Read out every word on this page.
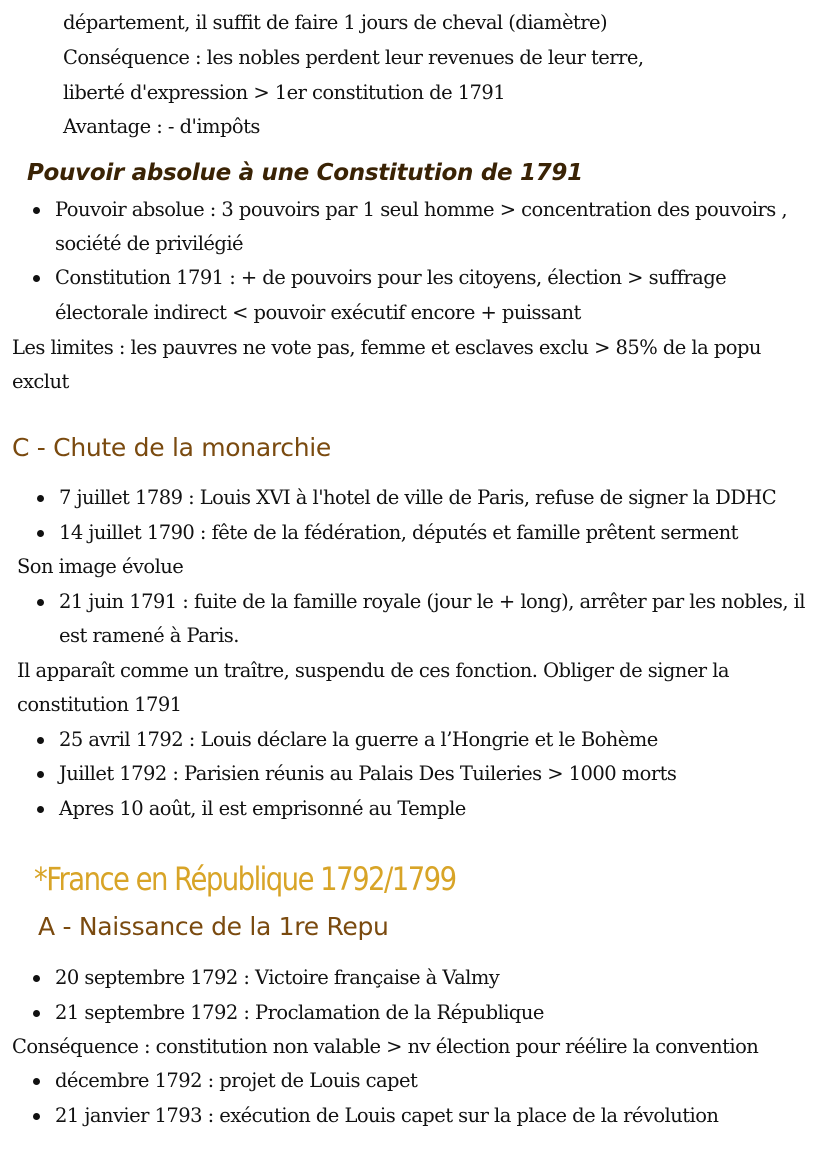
département, il suffit de faire 1 jours de cheval (diamètre)
Conséquence : les nobles perdent leur revenues de leur terre,
liberté d'expression > 1er constitution de 1791
Avantage : - d'impôts
Pouvoir absolue à une Constitution de 1791
Pouvoir absolue : 3 pouvoirs par 1 seul homme > concentration des pouvoirs ,
société de privilégié
Constitution 1791 : + de pouvoirs pour les citoyens, élection > suffrage
électorale indirect < pouvoir exécutif encore + puissant
Les limites : les pauvres ne vote pas, femme et esclaves exclu > 85% de la popu
exclut
C - Chute de la monarchie
7 juillet 1789 : Louis XVI à l'hotel de ville de Paris, refuse de signer la DDHC
14 juillet 1790 : fête de la fédération, députés et famille prêtent serment
Son image évolue
21 juin 1791 : fuite de la famille royale (jour le + long), arrêter par les nobles, il
est ramené à Paris.
Il apparaît comme un traître, suspendu de ces fonction. Obliger de signer la
constitution 1791
25 avril 1792 : Louis déclare la guerre a l’Hongrie et le Bohème
Juillet 1792 : Parisien réunis au Palais Des Tuileries > 1000 morts
Apres 10 août, il est emprisonné au Temple
*France en République 1792/1799
A - Naissance de la 1re Repu
20 septembre 1792 : Victoire française à Valmy
21 septembre 1792 : Proclamation de la République
Conséquence : constitution non valable > nv élection pour réélire la convention
décembre 1792 : projet de Louis capet
21 janvier 1793 : exécution de Louis capet sur la place de la révolution
